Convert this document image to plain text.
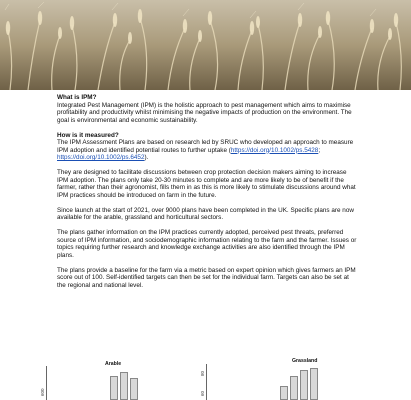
What is IPM?

Integrated Pest Management (IPM) is the holistic approach to pest management which aims to maximise profitability and productivity whilst minimising the negative impacts of production on the environment. The goal is environmental and economic sustainability.

How is it measured?

The IPM Assessment Plans are based on research led by SRUC who developed an approach to measure IPM adoption and identified potential routes to further uptake (https://doi.org/10.1002/ps.5428; https://doi.org/10.1002/ps.6452).

They are designed to facilitate discussions between crop protection decision makers aiming to increase IPM adoption. The plans only take 20-30 minutes to complete and are more likely to be of benefit if the farmer, rather than their agronomist, fills them in as this is more likely to stimulate discussions around what IPM practices should be introduced on farm in the future.

Since launch at the start of 2021, over 9000 plans have been completed in the UK. Specific plans are now available for the arable, grassland and horticultural sectors.

The plans gather information on the IPM practices currently adopted, perceived pest threats, preferred source of IPM information, and sociodemographic information relating to the farm and the farmer. Issues or topics requiring further research and knowledge exchange activities are also identified through the IPM plans.

The plans provide a baseline for the farm via a metric based on expert opinion which gives farmers an IPM score out of 100. Self-identified targets can then be set for the individual farm. Targets can also be set at the regional and national level.

600
Arable
60
80
Grassland
